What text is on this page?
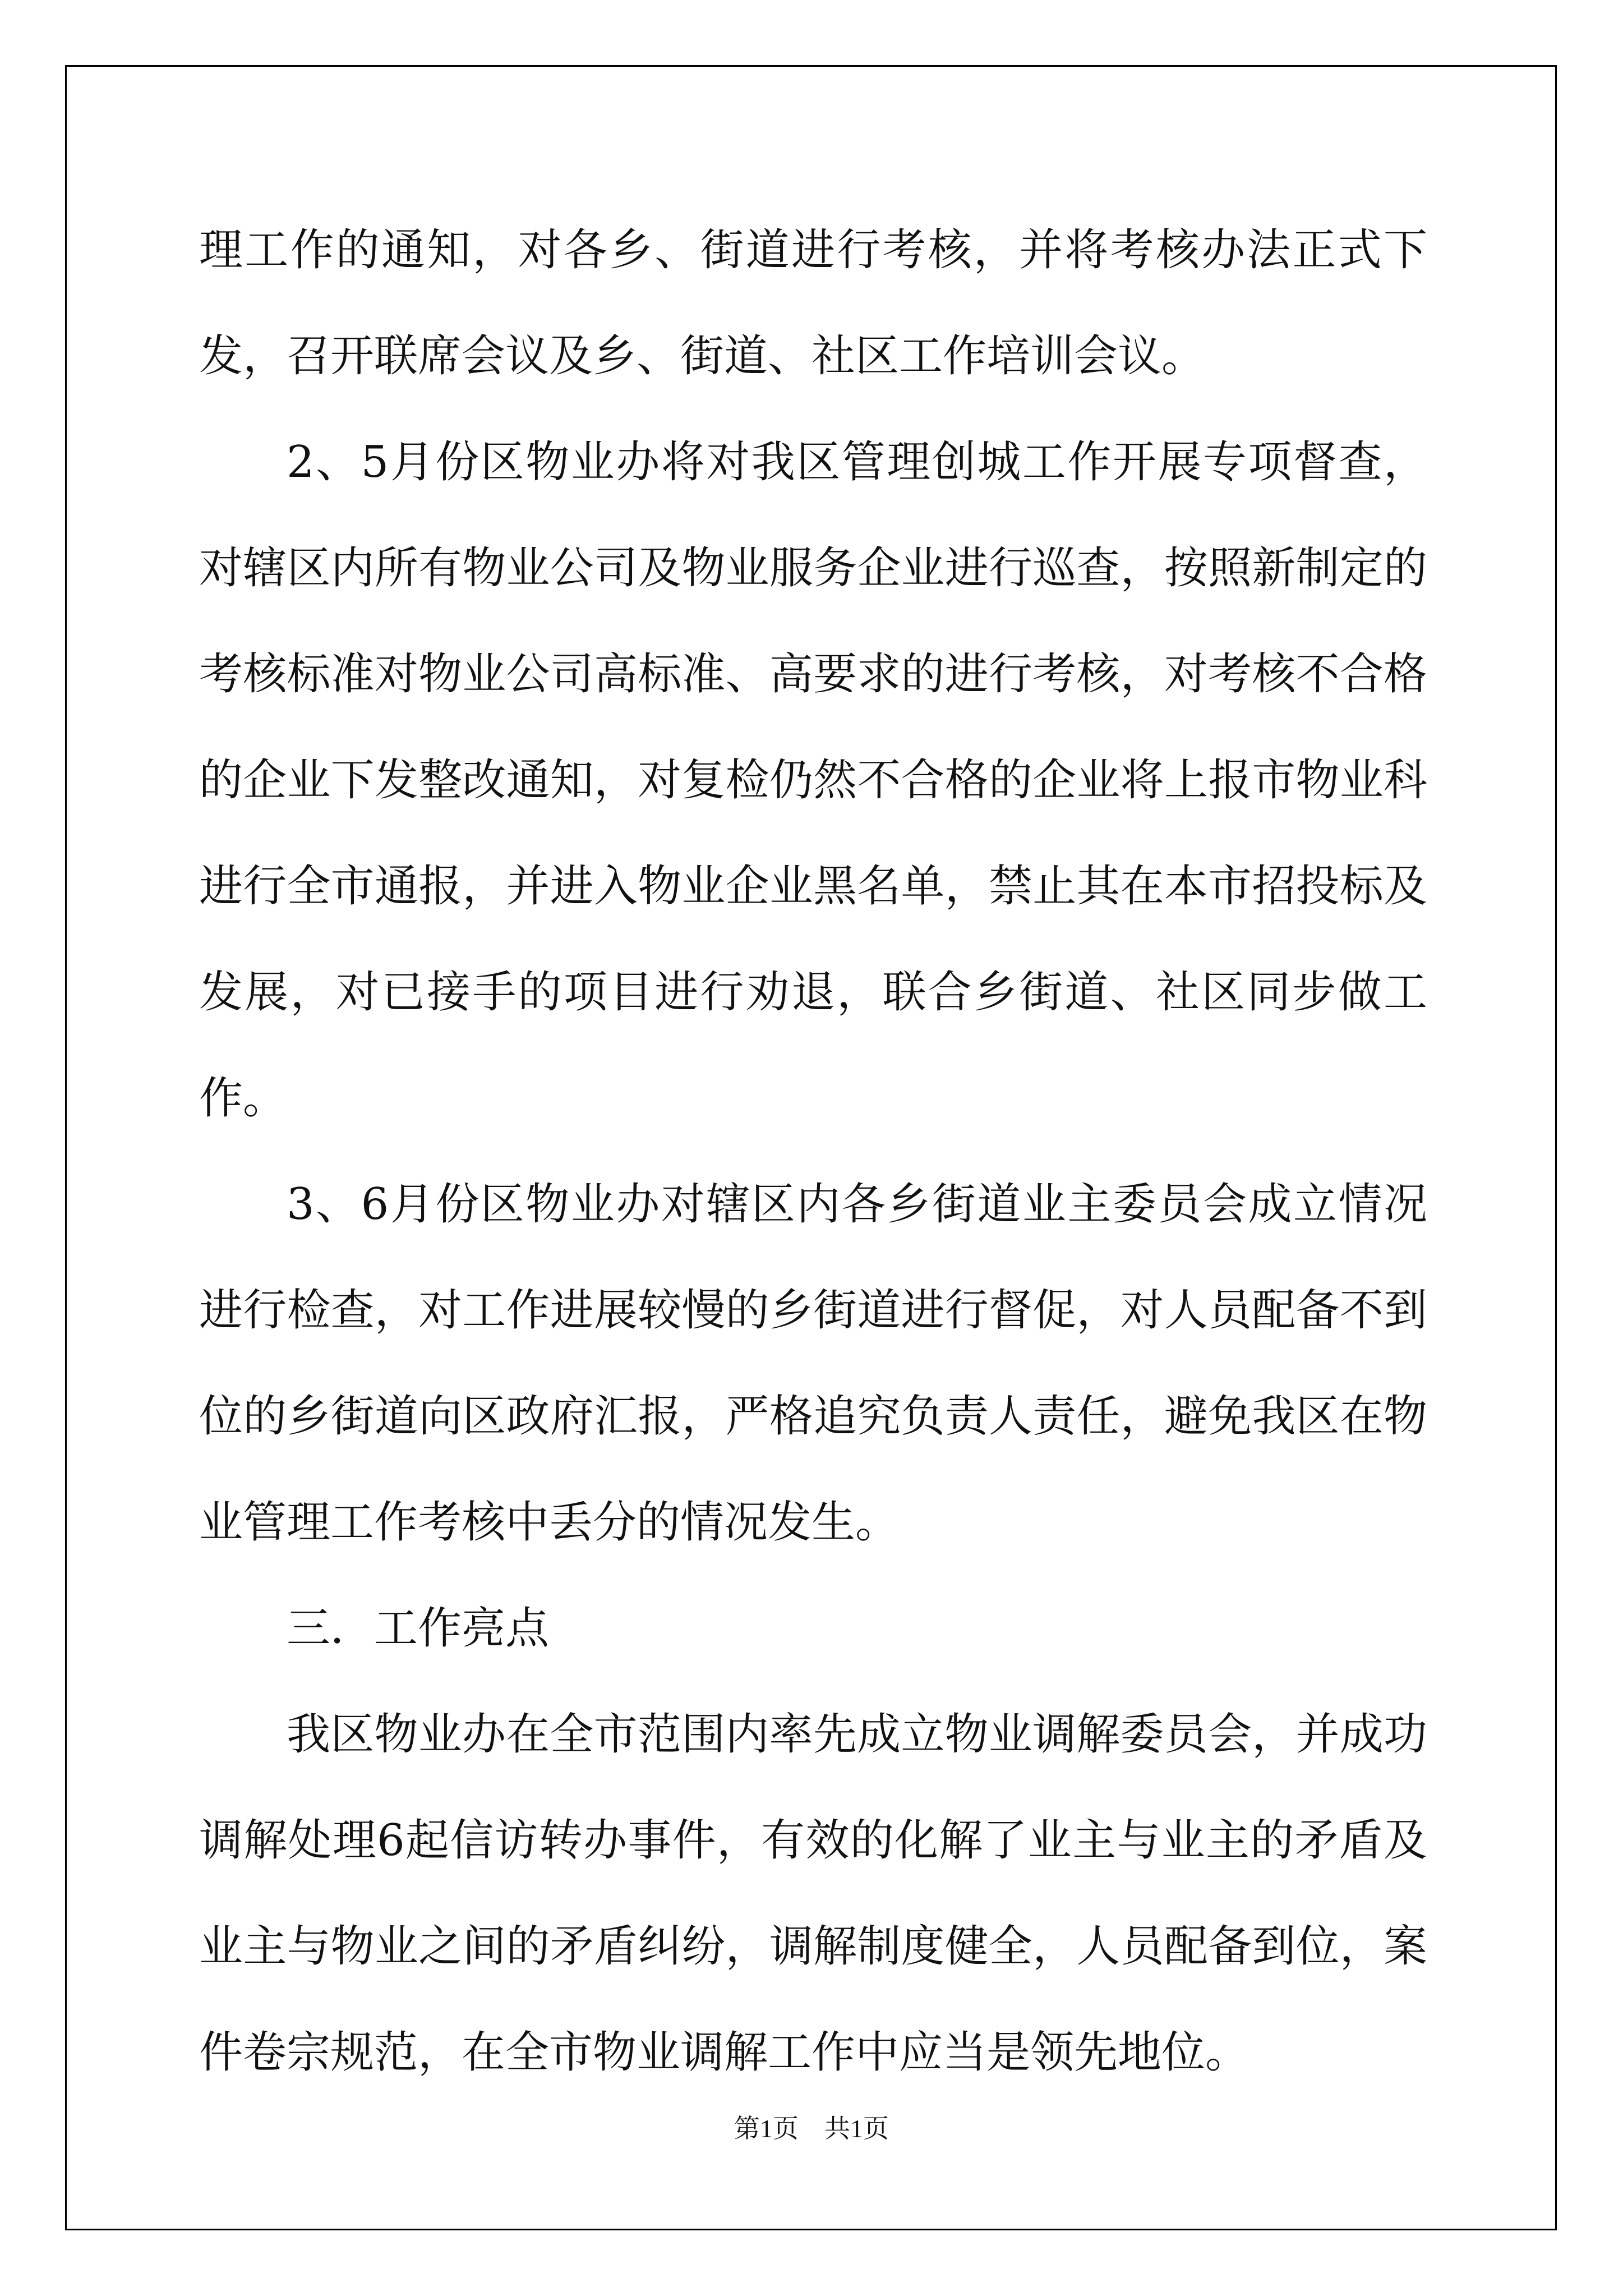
理工作的通知，对各乡、街道进行考核，并将考核办法正式下发，召开联席会议及乡、街道、社区工作培训会议。

2、5月份区物业办将对我区管理创城工作开展专项督查，对辖区内所有物业公司及物业服务企业进行巡查，按照新制定的考核标准对物业公司高标准、高要求的进行考核，对考核不合格的企业下发整改通知，对复检仍然不合格的企业将上报市物业科进行全市通报，并进入物业企业黑名单，禁止其在本市招投标及发展，对已接手的项目进行劝退，联合乡街道、社区同步做工作。

3、6月份区物业办对辖区内各乡街道业主委员会成立情况进行检查，对工作进展较慢的乡街道进行督促，对人员配备不到位的乡街道向区政府汇报，严格追究负责人责任，避免我区在物业管理工作考核中丢分的情况发生。

三．工作亮点

我区物业办在全市范围内率先成立物业调解委员会，并成功调解处理6起信访转办事件，有效的化解了业主与业主的矛盾及业主与物业之间的矛盾纠纷，调解制度健全，人员配备到位，案件卷宗规范，在全市物业调解工作中应当是领先地位。

第1页　共1页
